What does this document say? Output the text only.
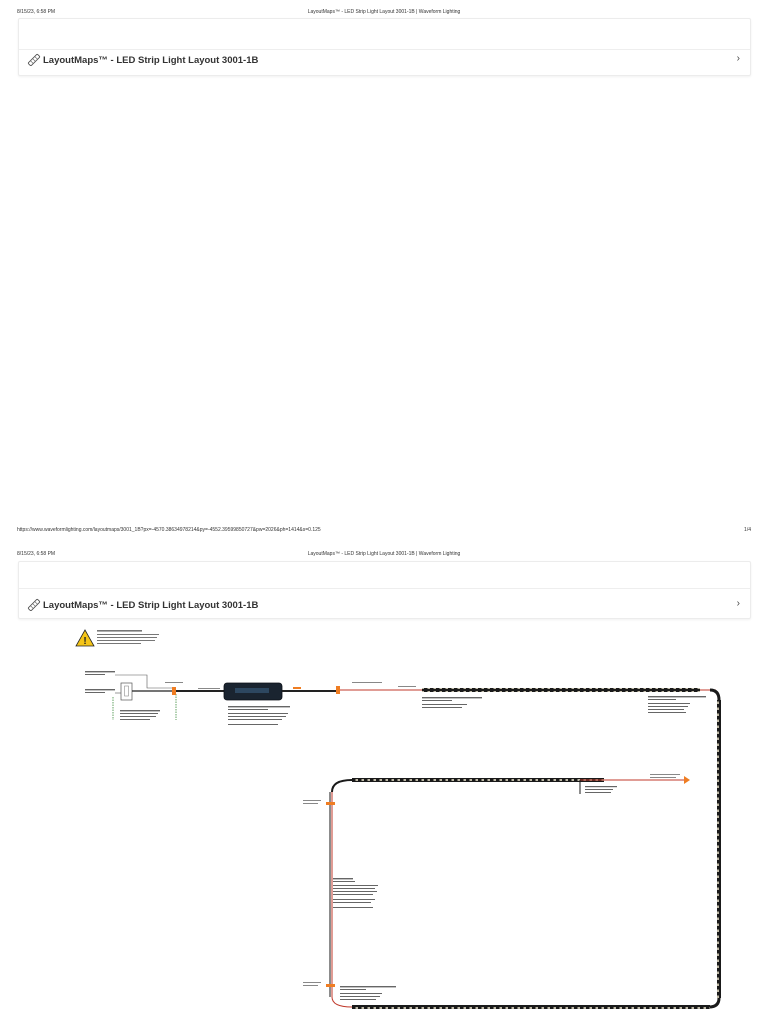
8/15/23, 6:58 PM	LayoutMaps™ - LED Strip Light Layout 3001-1B | Waveform Lighting
LayoutMaps™ - LED Strip Light Layout 3001-1B	›
https://www.waveformlighting.com/layoutmaps/3001_1B?px=-4570.38634978214&py=-4552.39599850727&pw=2026&ph=1414&s=0.125	1/4
8/15/23, 6:58 PM	LayoutMaps™ - LED Strip Light Layout 3001-1B | Waveform Lighting
LayoutMaps™ - LED Strip Light Layout 3001-1B	›
!
